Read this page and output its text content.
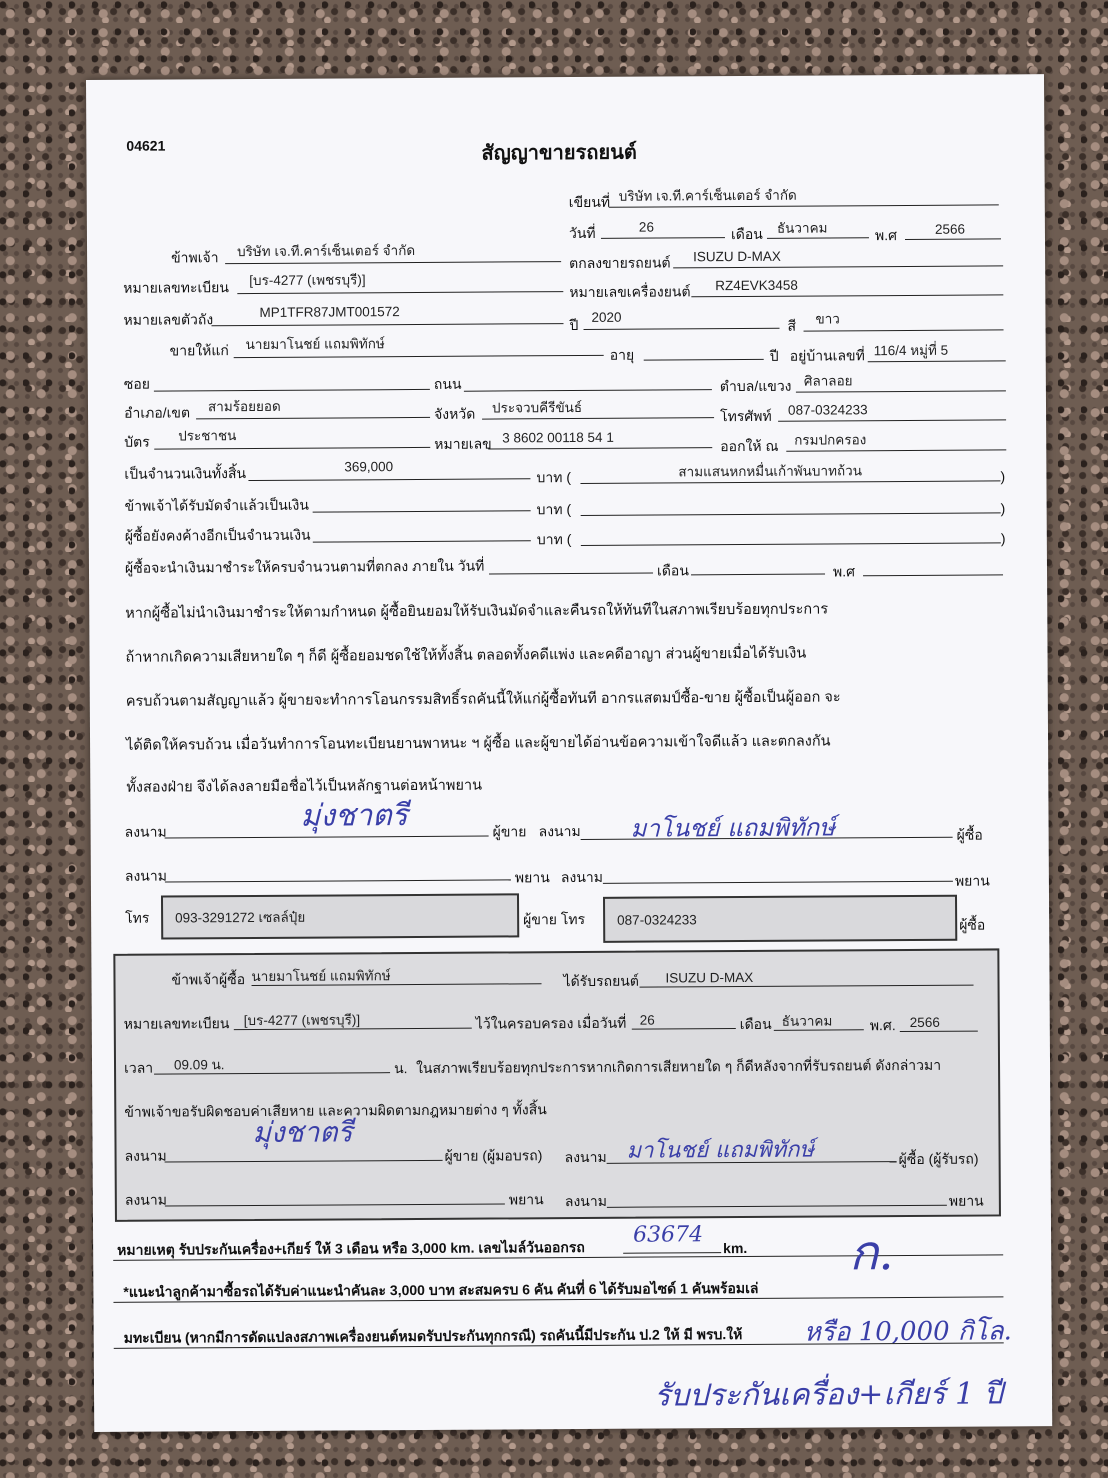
04621	สัญญาขายรถยนต์
เขียนที่ บริษัท เจ.ที.คาร์เซ็นเตอร์ จำกัด
วันที่	26	เดือน ธันวาคม	พ.ศ	2566
ข้าพเจ้า บริษัท เจ.ที.คาร์เซ็นเตอร์ จำกัด
ตกลงขายรถยนต์ ISUZU D-MAX
หมายเลขทะเบียน [บร-4277 (เพชรบุรี)]
หมายเลขเครื่องยนต์ RZ4EVK3458
หมายเลขตัวถัง	MP1TFR87JMT001572
ปี 2020
สี ขาว
ขายให้แก่ นายมาโนชย์ แถมพิทักษ์
อายุ	ปี อยู่บ้านเลขที่ 116/4 หมู่ที่ 5
ซอย	ถนน	ตำบล/แขวง ศิลาลอย
อำเภอ/เขต สามร้อยยอด	จังหวัด ประจวบคีรีขันธ์
โทรศัพท์ 087-0324233
บัตร ประชาชน	หมายเลข 3 8602 00118 54 1
ออกให้ ณ กรมปกครอง
เป็นจำนวนเงินทั้งสิ้น	369,000
บาท (	สามแสนหกหมื่นเก้าพันบาทถ้วน	)
ข้าพเจ้าได้รับมัดจำแล้วเป็นเงิน	บาท (	)
ผู้ซื้อยังคงค้างอีกเป็นจำนวนเงิน	บาท (	)
ผู้ซื้อจะนำเงินมาชำระให้ครบจำนวนตามที่ตกลง ภายใน วันที่	เดือน	พ.ศ
หากผู้ซื้อไม่นำเงินมาชำระให้ตามกำหนด ผู้ซื้อยินยอมให้รับเงินมัดจำและคืนรถให้ทันทีในสภาพเรียบร้อยทุกประการ
ถ้าหากเกิดความเสียหายใด ๆ ก็ดี ผู้ซื้อยอมชดใช้ให้ทั้งสิ้น ตลอดทั้งคดีแพ่ง และคดีอาญา ส่วนผู้ขายเมื่อได้รับเงิน
ครบถ้วนตามสัญญาแล้ว ผู้ขายจะทำการโอนกรรมสิทธิ์รถคันนี้ให้แก่ผู้ซื้อทันที อากรแสตมป์ซื้อ-ขาย ผู้ซื้อเป็นผู้ออก จะ
ได้ติดให้ครบถ้วน เมื่อวันทำการโอนทะเบียนยานพาหนะ ฯ ผู้ซื้อ และผู้ขายได้อ่านข้อความเข้าใจดีแล้ว และตกลงกัน
ทั้งสองฝ่าย จึงได้ลงลายมือชื่อไว้เป็นหลักฐานต่อหน้าพยาน
ลงนาม	มุ่งชาตรี	ผู้ขาย ลงนาม มาโนชย์ แถมพิทักษ์	ผู้ซื้อ
ลงนาม	พยาน ลงนาม	พยาน
โทร 093-3291272 เซลล์ปุ๋ย	ผู้ขาย โทร 087-0324233	ผู้ซื้อ
ข้าพเจ้าผู้ซื้อ นายมาโนชย์ แถมพิทักษ์	ได้รับรถยนต์ ISUZU D-MAX
หมายเลขทะเบียน [บร-4277 (เพชรบุรี)]	ไว้ในครอบครอง เมื่อวันที่ 26	เดือน ธันวาคม	พ.ศ. 2566
เวลา 09.09 น.	น. ในสภาพเรียบร้อยทุกประการหากเกิดการเสียหายใด ๆ ก็ดีหลังจากที่รับรถยนต์ ดังกล่าวมา
ข้าพเจ้าขอรับผิดชอบค่าเสียหาย และความผิดตามกฎหมายต่าง ๆ ทั้งสิ้น
ลงนาม
มุ่งชาตรี
ผู้ขาย (ผู้มอบรถ) ลงนาม มาโนชย์ แถมพิทักษ์	ผู้ซื้อ (ผู้รับรถ)
ลงนาม	พยาน ลงนาม	พยาน
หมายเหตุ รับประกันเครื่อง+เกียร์ ให้ 3 เดือน หรือ 3,000 km. เลขไมล์วันออกรถ
63674
km. ก.
*แนะนำลูกค้ามาซื้อรถได้รับค่าแนะนำคันละ 3,000 บาท สะสมครบ 6 คัน คันที่ 6 ได้รับมอไซด์ 1 คันพร้อมเล่
มทะเบียน (หากมีการดัดแปลงสภาพเครื่องยนต์หมดรับประกันทุกกรณี) รถคันนี้มีประกัน ป.2 ให้ มี พรบ.ให้ หรือ 10,000 กิโล.
รับประกันเครื่อง+เกียร์ 1 ปี
